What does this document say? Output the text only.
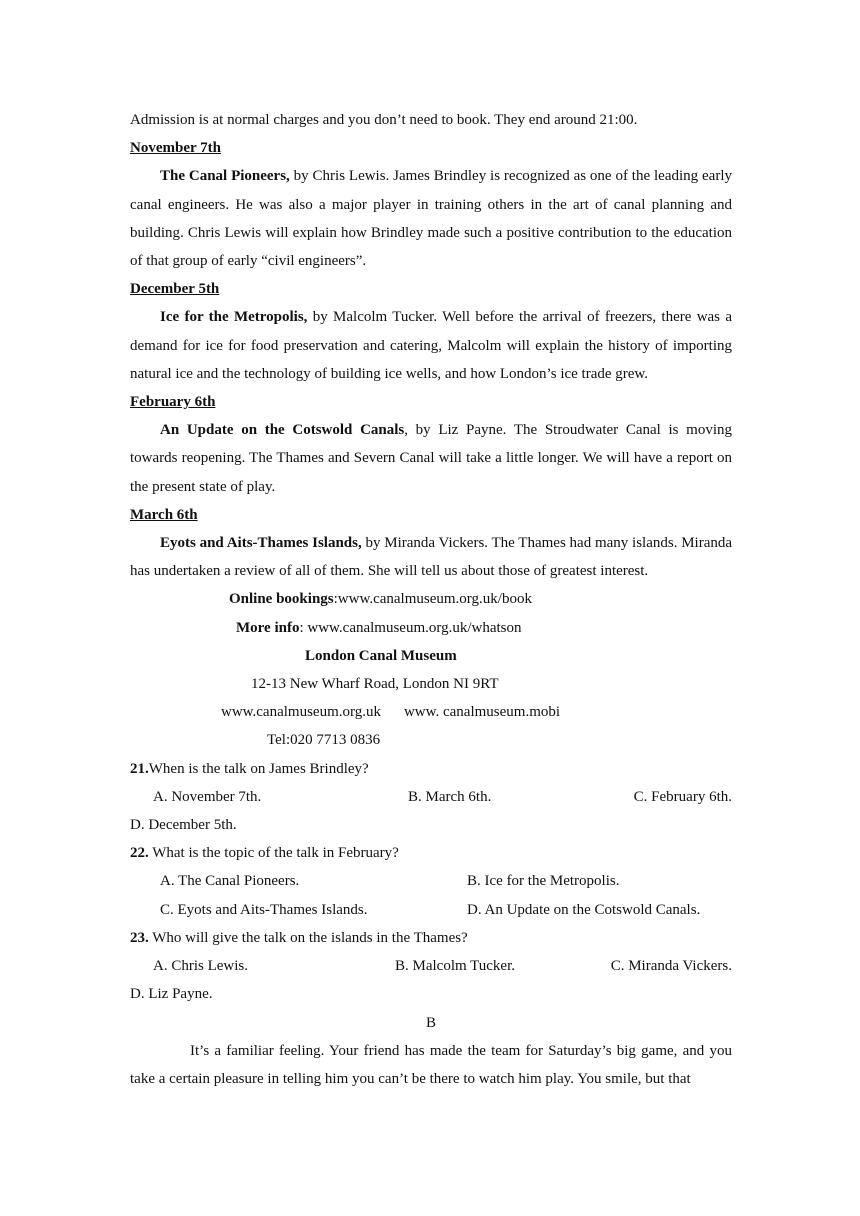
Admission is at normal charges and you don’t need to book. They end around 21:00.

November 7th

The Canal Pioneers, by Chris Lewis. James Brindley is recognized as one of the leading early canal engineers. He was also a major player in training others in the art of canal planning and building. Chris Lewis will explain how Brindley made such a positive contribution to the education of that group of early “civil engineers”.

December 5th

Ice for the Metropolis, by Malcolm Tucker. Well before the arrival of freezers, there was a demand for ice for food preservation and catering, Malcolm will explain the history of importing natural ice and the technology of building ice wells, and how London’s ice trade grew.

February 6th

An Update on the Cotswold Canals, by Liz Payne. The Stroudwater Canal is moving towards reopening. The Thames and Severn Canal will take a little longer. We will have a report on the present state of play.

March 6th

Eyots and Aits-Thames Islands, by Miranda Vickers. The Thames had many islands. Miranda has undertaken a review of all of them. She will tell us about those of greatest interest.

Online bookings:www.canalmuseum.org.uk/book
More info: www.canalmuseum.org.uk/whatson
London Canal Museum
12-13 New Wharf Road, London NI 9RT
www.canalmuseum.org.uk www. canalmuseum.mobi
Tel:020 7713 0836

21.When is the talk on James Brindley?

A. November 7th.	B. March 6th.	C. February 6th.

D. December 5th.

22. What is the topic of the talk in February?

A. The Canal Pioneers.	B. Ice for the Metropolis.
C. Eyots and Aits-Thames Islands.	D. An Update on the Cotswold Canals.

23. Who will give the talk on the islands in the Thames?

A. Chris Lewis.	B. Malcolm Tucker.	C. Miranda Vickers.

D. Liz Payne.

B

It’s a familiar feeling. Your friend has made the team for Saturday’s big game, and you take a certain pleasure in telling him you can’t be there to watch him play. You smile, but that
